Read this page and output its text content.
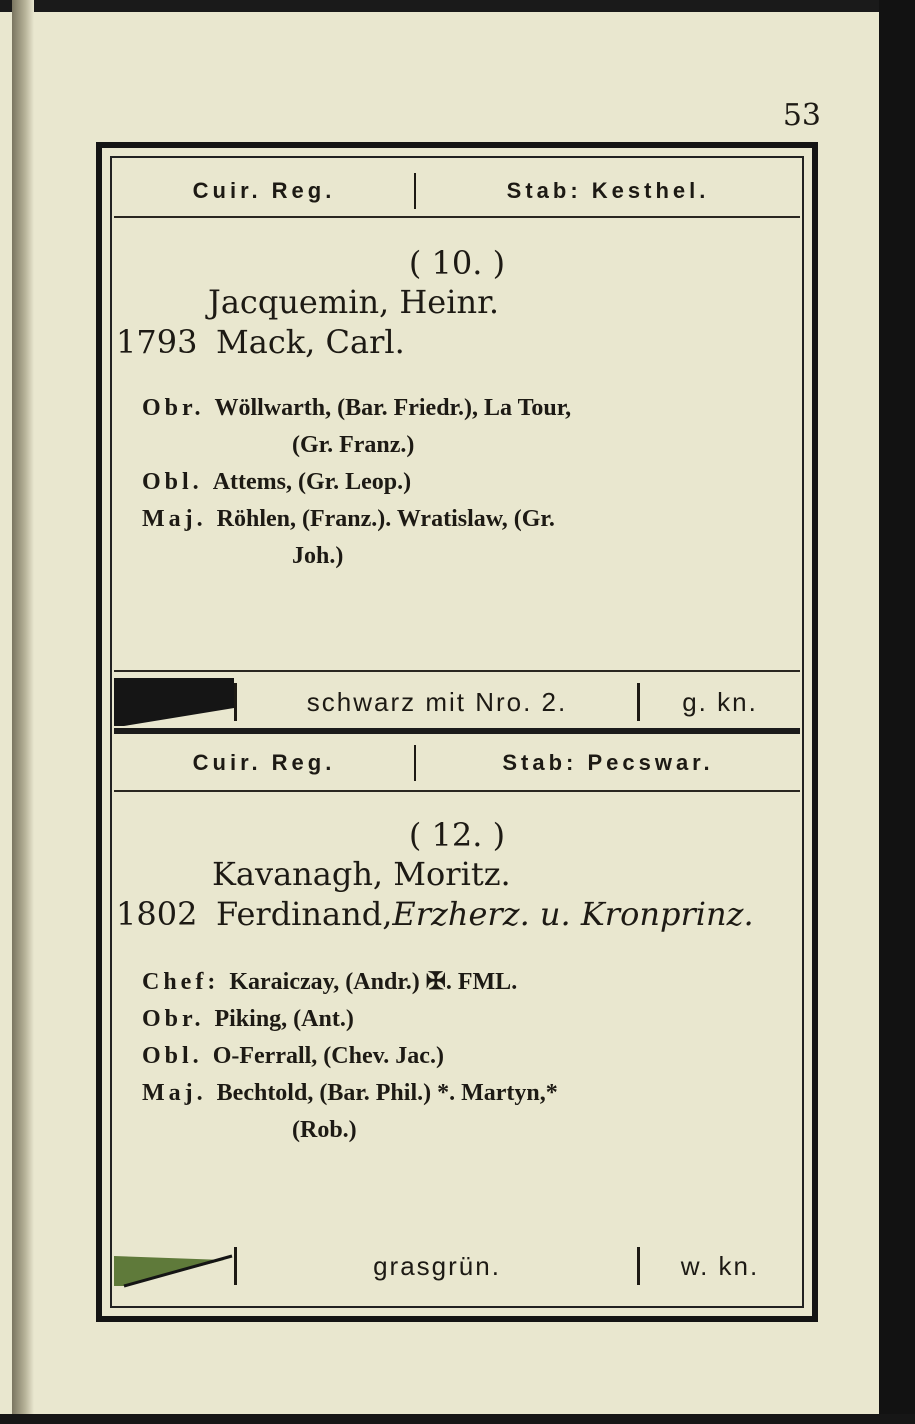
53
Cuir. Reg.	Stab: Kesthel.
( 10. )
Jacquemin, Heinr.
1793 Mack, Carl.
Obr. Wöllwarth, (Bar. Friedr.), La Tour,
(Gr. Franz.)
Obl. Attems, (Gr. Leop.)
Maj. Röhlen, (Franz.). Wratislaw, (Gr.
Joh.)
schwarz mit Nro. 2.	g. kn.
Cuir. Reg.	Stab: Pecswar.
( 12. )
Kavanagh, Moritz.
1802 Ferdinand,Erzherz. u. Kronprinz.
Chef: Karaiczay, (Andr.) ✠. FML.
Obr. Piking, (Ant.)
Obl. O-Ferrall, (Chev. Jac.)
Maj. Bechtold, (Bar. Phil.) *. Martyn,*
(Rob.)
grasgrün.	w. kn.
